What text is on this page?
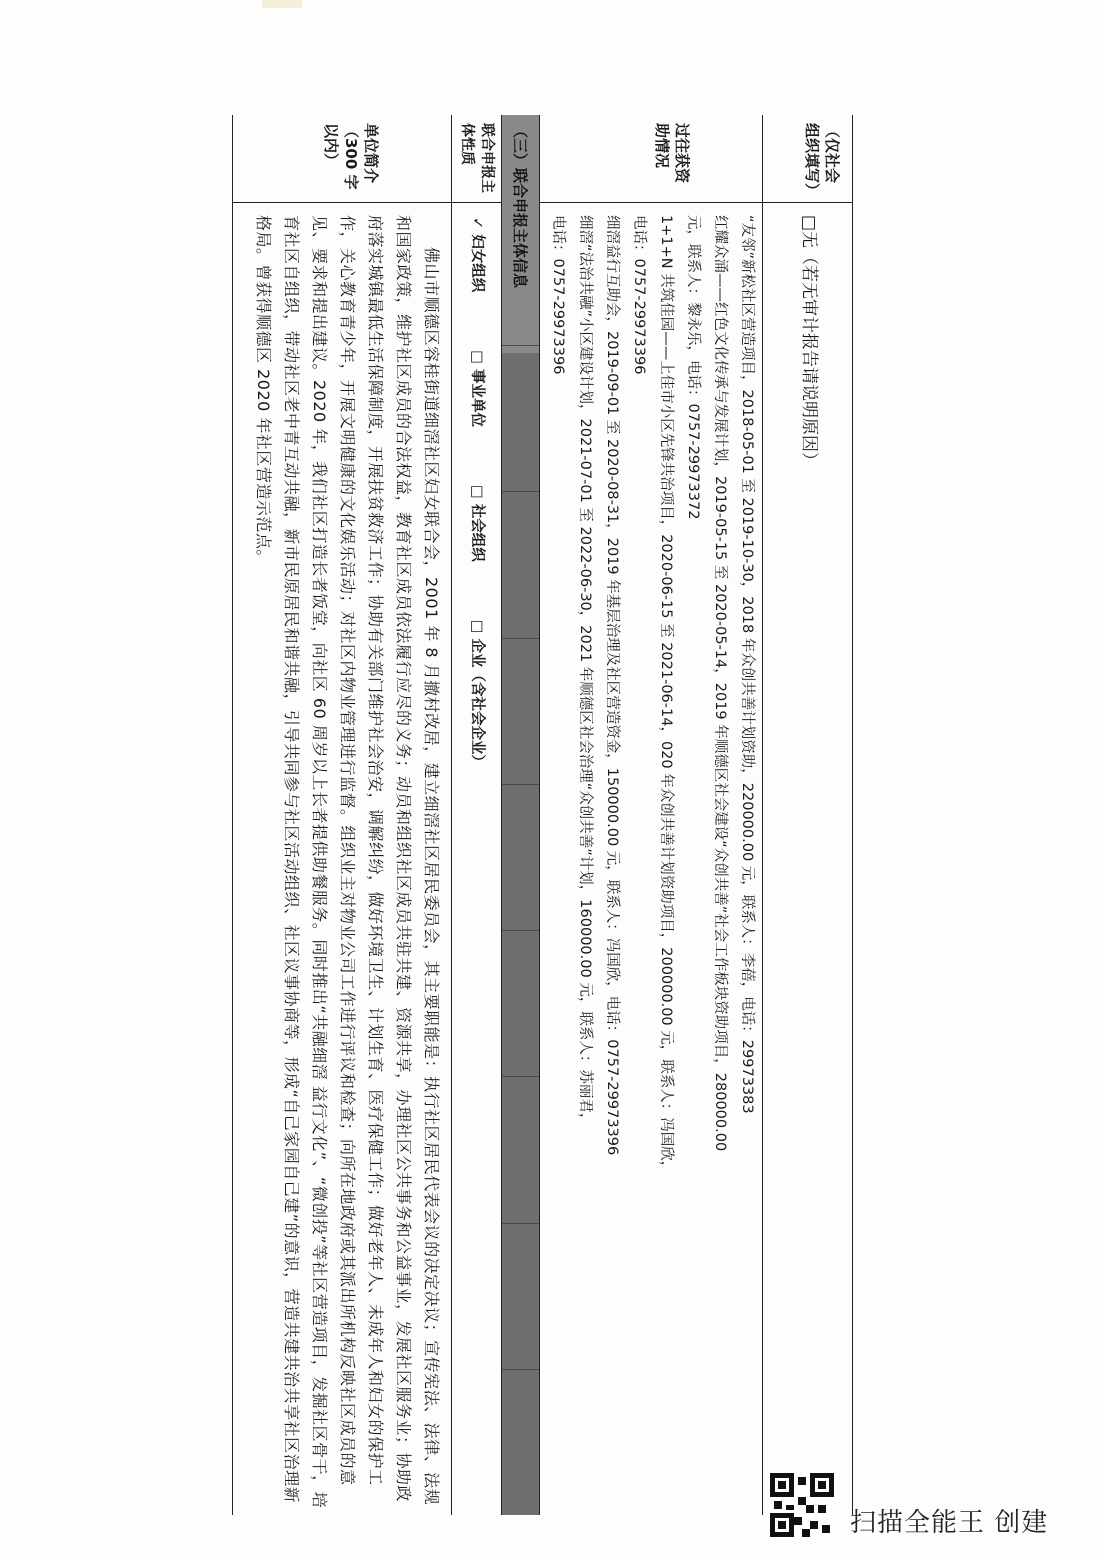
（仅社会组织填写）
□无（若无审计报告请说明原因）
过往获资助情况

“友邻”新松社区营造项目，2018-05-01 至 2019-10-30，2018 年众创共善计划资助，220000.00 元，联系人：李蓓，电话：29973383

红耀众涌——红色文化传承与发展计划，2019-05-15 至 2020-05-14，2019 年顺德区社会建设“众创共善”社会工作板块资助项目，280000.00

元，联系人：黎永乐，电话：0757-29973372

1+1+N 共筑佳园——上佳市小区先锋共治项目，2020-06-15 至 2021-06-14，020 年众创共善计划资助项目，200000.00 元，联系人：冯国欣，

电话：0757-29973396

细滘益行互助会，2019-09-01 至 2020-08-31，2019 年基层治理及社区营造资金，150000.00 元，联系人：冯国欣，电话：0757-29973396

细滘“法治共融”小区建设计划，2021-07-01 至 2022-06-30，2021 年顺德区社会治理“众创共善”计划，160000.00 元，联系人：苏丽君，

电话：0757-29973396

（三）联合申报主体信息
联合申报主体性质
✓ 妇女组织
□ 事业单位
□ 社会组织
□ 企业（含社会企业）
单位简介（300 字以内）
佛山市顺德区容桂街道细滘社区妇女联合会，2001 年 8 月撤村改居，建立细滘社区居民委员会，其主要职能是：执行社区居民代表会议的决定决议；宣传宪法、法律、法规和国家政策，维护社区成员的合法权益，教育社区成员依法履行应尽的义务；动员和组织社区成员共驻共建、资源共享，办理社区公共事务和公益事业，发展社区服务业；协助政府落实城镇最低生活保障制度，开展扶贫救济工作；协助有关部门维护社会治安，调解纠纷，做好环境卫生、计划生育、医疗保健工作；做好老年人、未成年人和妇女的保护工作，关心教育青少年，开展文明健康的文化娱乐活动；对社区内物业管理进行监督。组织业主对物业公司工作进行评议和检查；向所在地政府或其派出所机构反映社区成员的意见、要求和提出建议。2020 年，我们社区打造长者饭堂，向社区 60 周岁以上长者提供助餐服务。同时推出“共融细滘 益行文化”、“微创投”等社区营造项目，发掘社区骨干，培育社区自组织，带动社区老中青互动共融，新市民原居民和谐共融，引导共同参与社区活动组织、社区议事协商等，形成“自己家园自己建”的意识，营造共建共治共享社区治理新格局。曾获得顺德区 2020 年社区营造示范点。
扫描全能王 创建
